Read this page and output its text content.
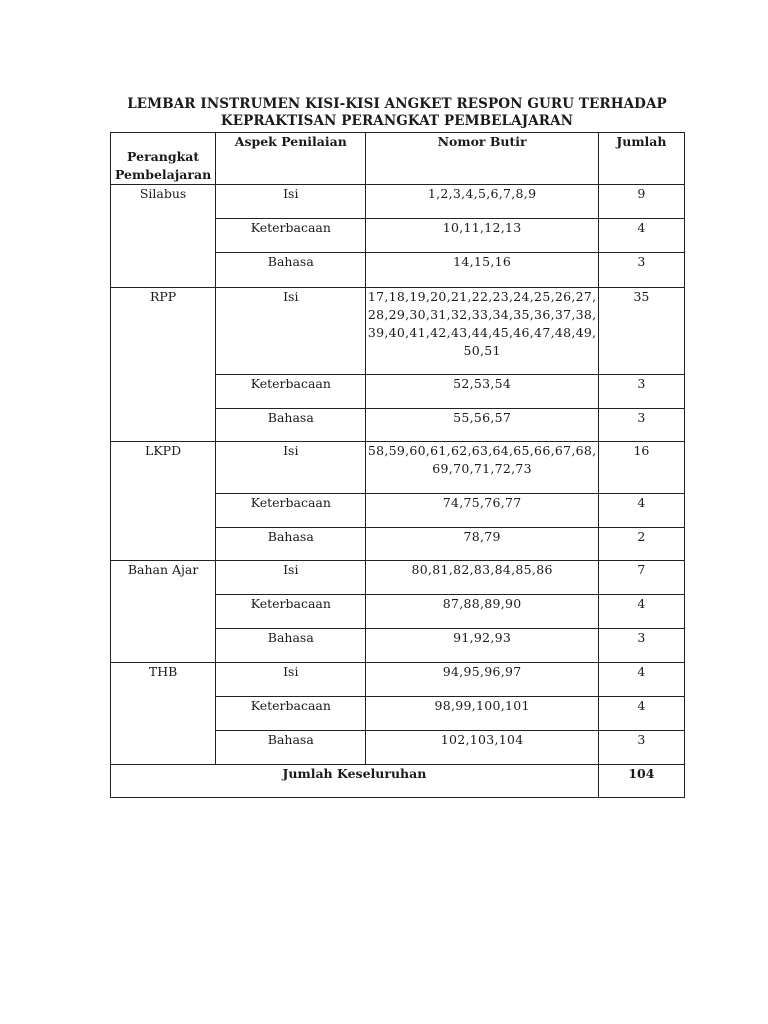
LEMBAR INSTRUMEN KISI-KISI ANGKET RESPON GURU TERHADAP
KEPRAKTISAN PERANGKAT PEMBELAJARAN
Perangkat
Pembelajaran	Aspek Penilaian	Nomor Butir	Jumlah
Silabus	Isi	1,2,3,4,5,6,7,8,9	9
	Keterbacaan	10,11,12,13	4
	Bahasa	14,15,16	3
RPP	Isi	17,18,19,20,21,22,23,24,25,26,27,28,29,30,31,32,33,34,35,36,37,38,39,40,41,42,43,44,45,46,47,48,49,50,51	35
	Keterbacaan	52,53,54	3
	Bahasa	55,56,57	3
LKPD	Isi	58,59,60,61,62,63,64,65,66,67,68,69,70,71,72,73	16
	Keterbacaan	74,75,76,77	4
	Bahasa	78,79	2
Bahan Ajar	Isi	80,81,82,83,84,85,86	7
	Keterbacaan	87,88,89,90	4
	Bahasa	91,92,93	3
THB	Isi	94,95,96,97	4
	Keterbacaan	98,99,100,101	4
	Bahasa	102,103,104	3
Jumlah Keseluruhan			104
